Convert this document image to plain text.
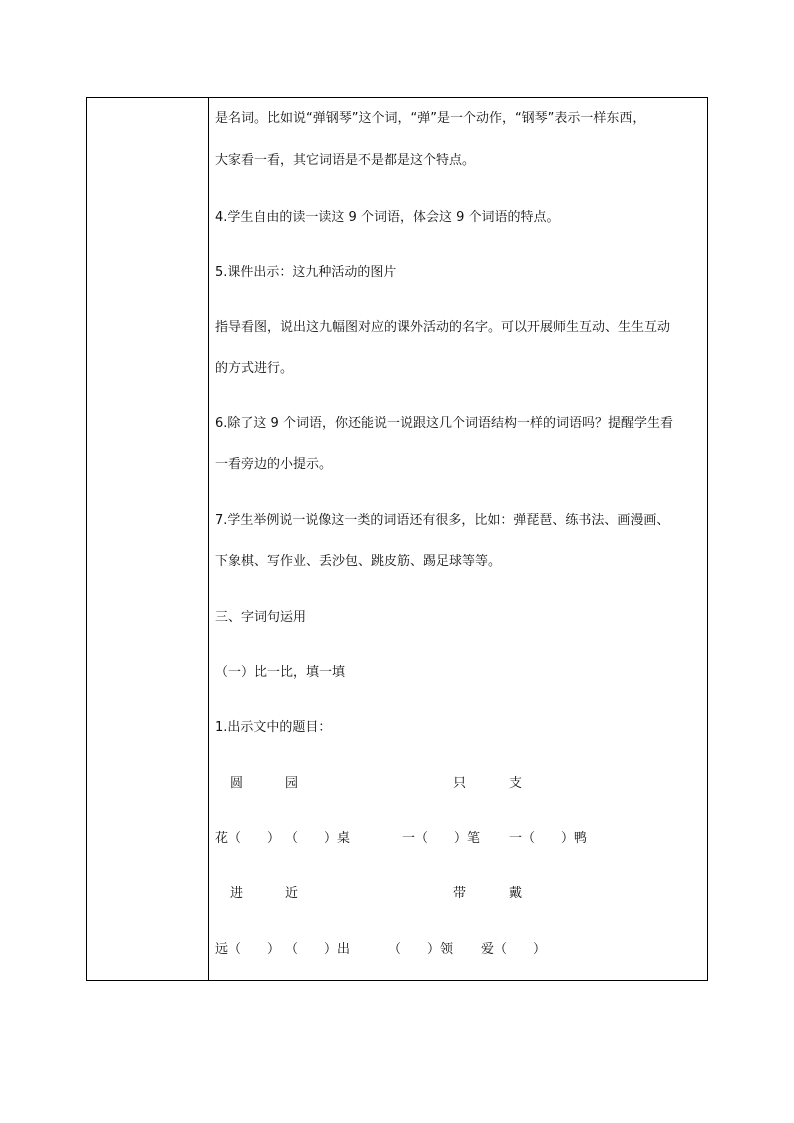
是名词。比如说“弹钢琴”这个词，“弹”是一个动作，“钢琴”表示一样东西，
大家看一看，其它词语是不是都是这个特点。
4.学生自由的读一读这 9 个词语，体会这 9 个词语的特点。
5.课件出示：这九种活动的图片
指导看图，说出这九幅图对应的课外活动的名字。可以开展师生互动、生生互动
的方式进行。
6.除了这 9 个词语，你还能说一说跟这几个词语结构一样的词语吗？提醒学生看
一看旁边的小提示。
7.学生举例说一说像这一类的词语还有很多，比如：弹琵琶、练书法、画漫画、
下象棋、写作业、丢沙包、跳皮筋、踢足球等等。
三、字词句运用
（一）比一比，填一填
1.出示文中的题目：
圆	园	只	支
花（　　） （　　）桌	一（　　）笔 一（　　）鸭
进	近	带	戴
远（　　） （　　）出	（　　）领 爱（　　）
